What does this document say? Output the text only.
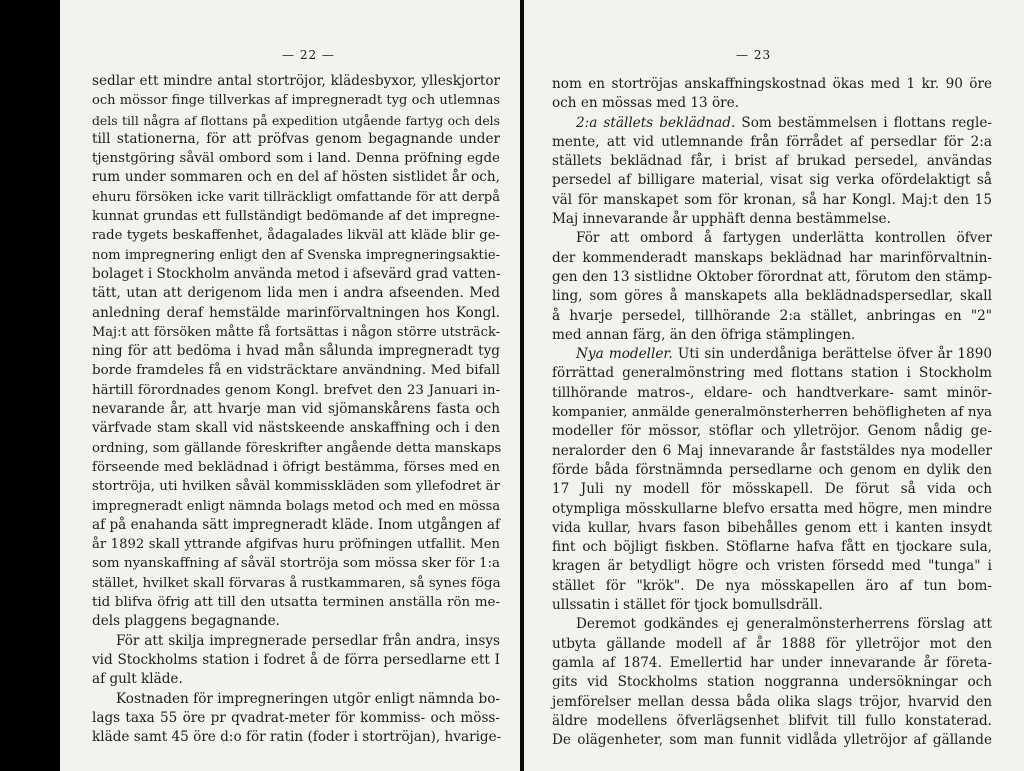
— 22 —
sedlar ett mindre antal stortröjor, klädesbyxor, ylleskjortor
och mössor finge tillverkas af impregneradt tyg och utlemnas
dels till några af flottans på expedition utgående fartyg och dels
till stationerna, för att pröfvas genom begagnande under
tjenstgöring såväl ombord som i land. Denna pröfning egde
rum under sommaren och en del af hösten sistlidet år och,
ehuru försöken icke varit tillräckligt omfattande för att derpå
kunnat grundas ett fullständigt bedömande af det impregne-
rade tygets beskaffenhet, ådagalades likväl att kläde blir ge-
nom impregnering enligt den af Svenska impregneringsaktie-
bolaget i Stockholm använda metod i afsevärd grad vatten-
tätt, utan att derigenom lida men i andra afseenden. Med
anledning deraf hemstälde marinförvaltningen hos Kongl.
Maj:t att försöken måtte få fortsättas i någon större utsträck-
ning för att bedöma i hvad mån sålunda impregneradt tyg
borde framdeles få en vidsträcktare användning. Med bifall
härtill förordnades genom Kongl. brefvet den 23 Januari in-
nevarande år, att hvarje man vid sjömanskårens fasta och
värfvade stam skall vid nästskeende anskaffning och i den
ordning, som gällande föreskrifter angående detta manskaps
förseende med beklädnad i öfrigt bestämma, förses med en
stortröja, uti hvilken såväl kommisskläden som yllefodret är
impregneradt enligt nämnda bolags metod och med en mössa
af på enahanda sätt impregneradt kläde. Inom utgången af
år 1892 skall yttrande afgifvas huru pröfningen utfallit. Men
som nyanskaffning af såväl stortröja som mössa sker för 1:a
stället, hvilket skall förvaras å rustkammaren, så synes föga
tid blifva öfrig att till den utsatta terminen anställa rön me-
dels plaggens begagnande.
För att skilja impregnerade persedlar från andra, insys
vid Stockholms station i fodret å de förra persedlarne ett I
af gult kläde.
Kostnaden för impregneringen utgör enligt nämnda bo-
lags taxa 55 öre pr qvadrat-meter för kommiss- och möss-
kläde samt 45 öre d:o för ratin (foder i stortröjan), hvarige-
— 23
nom en stortröjas anskaffningskostnad ökas med 1 kr. 90 öre
och en mössas med 13 öre.
2:a ställets beklädnad. Som bestämmelsen i flottans regle-
mente, att vid utlemnande från förrådet af persedlar för 2:a
ställets beklädnad får, i brist af brukad persedel, användas
persedel af billigare material, visat sig verka ofördelaktigt så
väl för manskapet som för kronan, så har Kongl. Maj:t den 15
Maj innevarande år upphäft denna bestämmelse.
För att ombord å fartygen underlätta kontrollen öfver
der kommenderadt manskaps beklädnad har marinförvaltnin-
gen den 13 sistlidne Oktober förordnat att, förutom den stämp-
ling, som göres å manskapets alla beklädnadspersedlar, skall
å hvarje persedel, tillhörande 2:a stället, anbringas en "2"
med annan färg, än den öfriga stämplingen.
Nya modeller. Uti sin underdåniga berättelse öfver år 1890
förrättad generalmönstring med flottans station i Stockholm
tillhörande matros-, eldare- och handtverkare- samt minör-
kompanier, anmälde generalmönsterherren behöfligheten af nya
modeller för mössor, stöflar och ylletröjor. Genom nådig ge-
neralorder den 6 Maj innevarande år faststäldes nya modeller
förde båda förstnämnda persedlarne och genom en dylik den
17 Juli ny modell för mösskapell. De förut så vida och
otympliga mösskullarne blefvo ersatta med högre, men mindre
vida kullar, hvars fason bibehålles genom ett i kanten insydt
fint och böjligt fiskben. Stöflarne hafva fått en tjockare sula,
kragen är betydligt högre och vristen försedd med "tunga" i
stället för "krök". De nya mösskapellen äro af tun bom-
ullssatin i stället för tjock bomullsdräll.
Deremot godkändes ej generalmönsterherrens förslag att
utbyta gällande modell af år 1888 för ylletröjor mot den
gamla af 1874. Emellertid har under innevarande år företa-
gits vid Stockholms station noggranna undersökningar och
jemförelser mellan dessa båda olika slags tröjor, hvarvid den
äldre modellens öfverlägsenhet blifvit till fullo konstaterad.
De olägenheter, som man funnit vidlåda ylletröjor af gällande
